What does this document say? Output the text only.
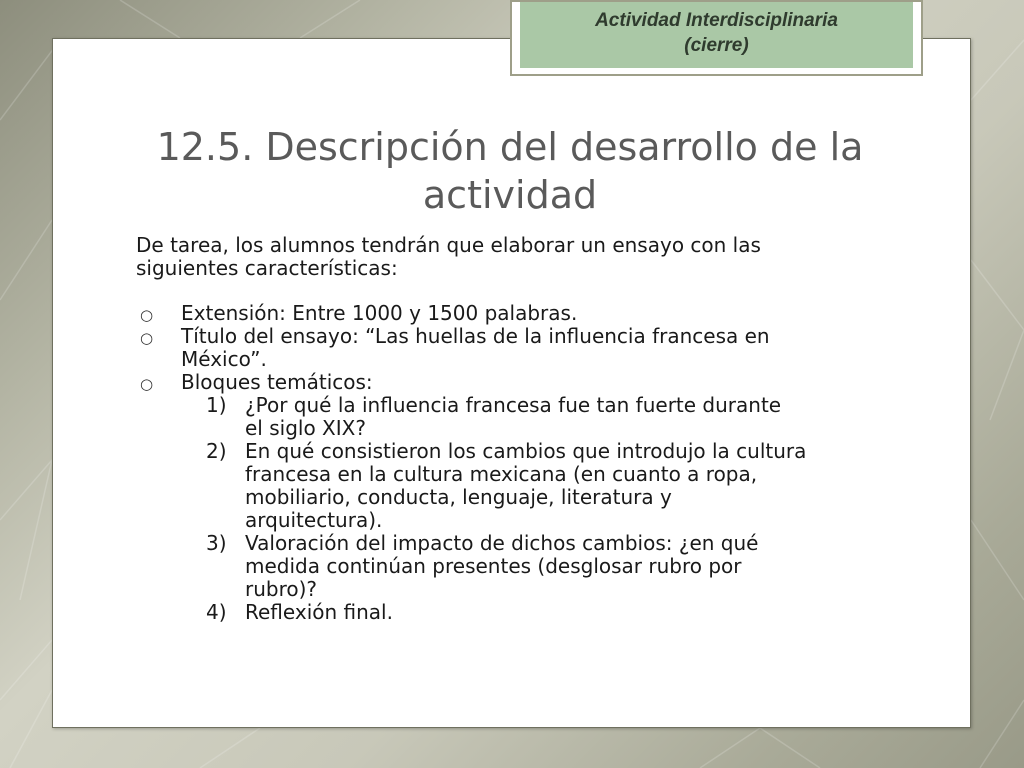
Actividad Interdisciplinaria
(cierre)
12.5. Descripción del desarrollo de la
actividad

De tarea, los alumnos tendrán que elaborar un ensayo con las
siguientes características:

○ Extensión: Entre 1000 y 1500 palabras.
○ Título del ensayo: “Las huellas de la influencia francesa en
México”.
○ Bloques temáticos:
1) ¿Por qué la influencia francesa fue tan fuerte durante
el siglo XIX?
2) En qué consistieron los cambios que introdujo la cultura
francesa en la cultura mexicana (en cuanto a ropa,
mobiliario, conducta, lenguaje, literatura y
arquitectura).
3) Valoración del impacto de dichos cambios: ¿en qué
medida continúan presentes (desglosar rubro por
rubro)?
4) Reflexión final.
